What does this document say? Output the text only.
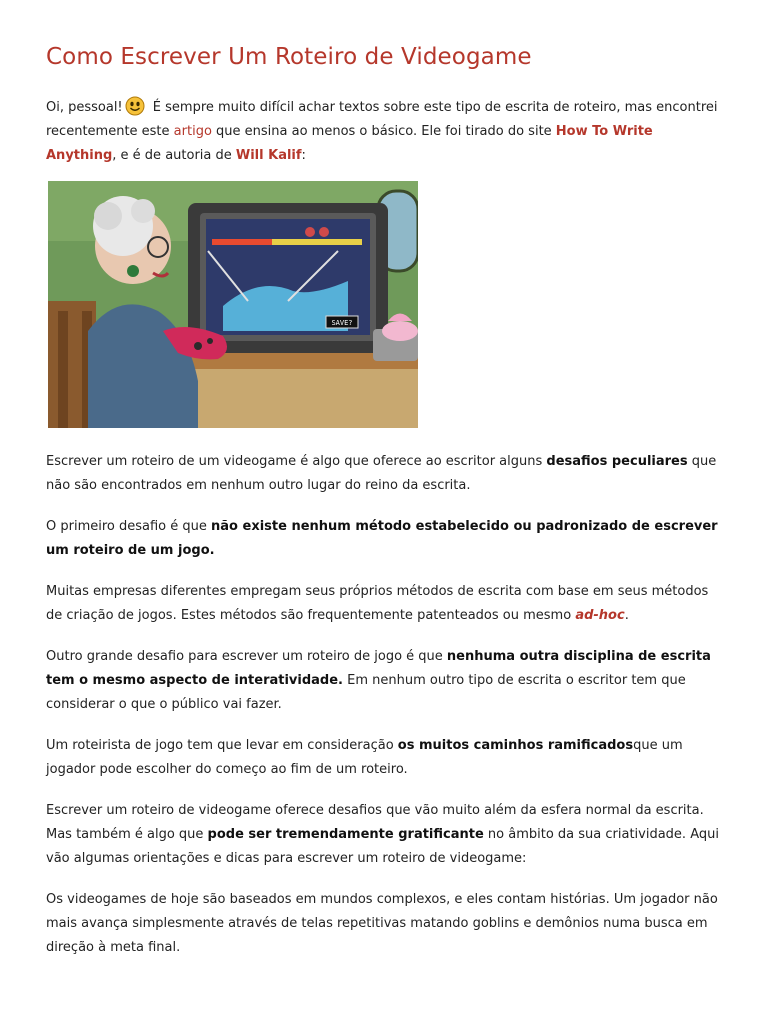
Como Escrever Um Roteiro de Videogame

Oi, pessoal! É sempre muito difícil achar textos sobre este tipo de escrita de roteiro, mas encontrei recentemente este artigo que ensina ao menos o básico. Ele foi tirado do site How To Write Anything, e é de autoria de Will Kalif:

SAVE?

Escrever um roteiro de um videogame é algo que oferece ao escritor alguns desafios peculiares que não são encontrados em nenhum outro lugar do reino da escrita.

O primeiro desafio é que não existe nenhum método estabelecido ou padronizado de escrever um roteiro de um jogo.

Muitas empresas diferentes empregam seus próprios métodos de escrita com base em seus métodos de criação de jogos. Estes métodos são frequentemente patenteados ou mesmo ad-hoc.

Outro grande desafio para escrever um roteiro de jogo é que nenhuma outra disciplina de escrita tem o mesmo aspecto de interatividade. Em nenhum outro tipo de escrita o escritor tem que considerar o que o público vai fazer.

Um roteirista de jogo tem que levar em consideração os muitos caminhos ramificadosque um jogador pode escolher do começo ao fim de um roteiro.

Escrever um roteiro de videogame oferece desafios que vão muito além da esfera normal da escrita. Mas também é algo que pode ser tremendamente gratificante no âmbito da sua criatividade. Aqui vão algumas orientações e dicas para escrever um roteiro de videogame:

Os videogames de hoje são baseados em mundos complexos, e eles contam histórias. Um jogador não mais avança simplesmente através de telas repetitivas matando goblins e demônios numa busca em direção à meta final.
